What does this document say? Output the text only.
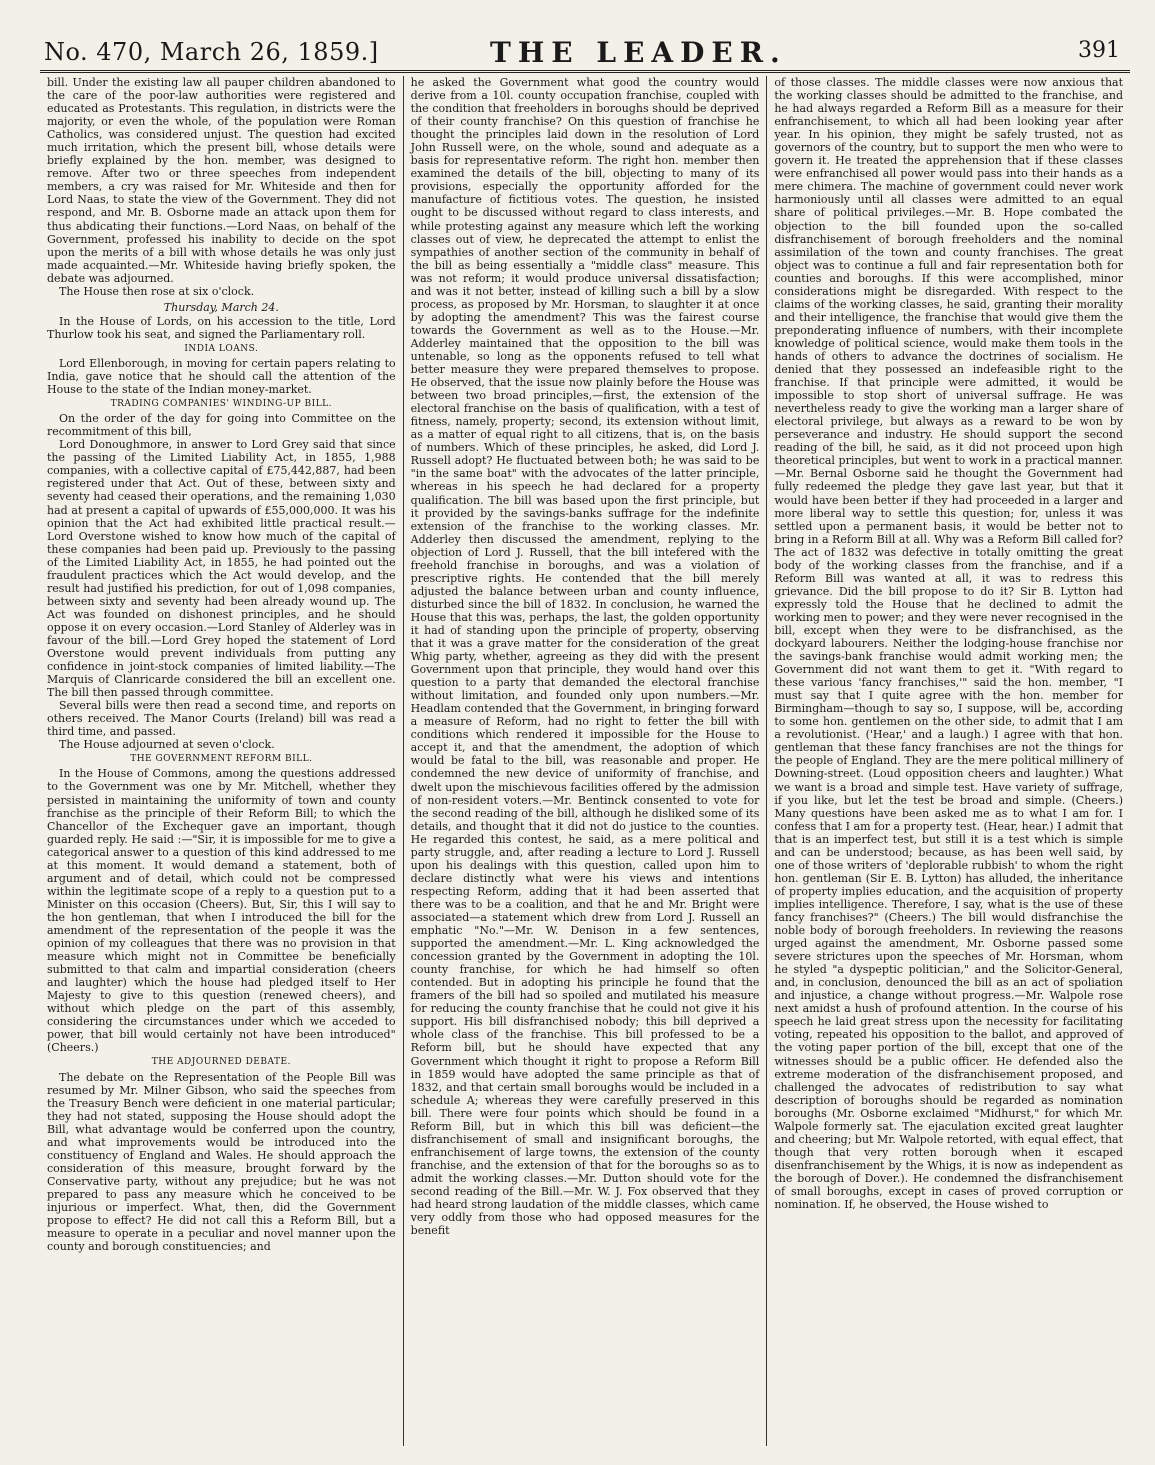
No. 470, March 26, 1859.]	THE LEADER.	391

bill. Under the existing law all pauper children abandoned to the care of the poor-law authorities were registered and educated as Protestants. This regulation, in districts were the majority, or even the whole, of the population were Roman Catholics, was considered unjust. The question had excited much irritation, which the present bill, whose details were briefly explained by the hon. member, was designed to remove. After two or three speeches from independent members, a cry was raised for Mr. Whiteside and then for Lord Naas, to state the view of the Government. They did not respond, and Mr. B. Osborne made an attack upon them for thus abdicating their functions.—Lord Naas, on behalf of the Government, professed his inability to decide on the spot upon the merits of a bill with whose details he was only just made acquainted.—Mr. Whiteside having briefly spoken, the debate was adjourned.

The House then rose at six o'clock.

Thursday, March 24.

In the House of Lords, on his accession to the title, Lord Thurlow took his seat, and signed the Parliamentary roll.

INDIA LOANS.

Lord Ellenborough, in moving for certain papers relating to India, gave notice that he should call the attention of the House to the state of the Indian money-market.

TRADING COMPANIES' WINDING-UP BILL.

On the order of the day for going into Committee on the recommitment of this bill,

Lord Donoughmore, in answer to Lord Grey said that since the passing of the Limited Liability Act, in 1855, 1,988 companies, with a collective capital of £75,442,887, had been registered under that Act. Out of these, between sixty and seventy had ceased their operations, and the remaining 1,030 had at present a capital of upwards of £55,000,000. It was his opinion that the Act had exhibited little practical result.—Lord Overstone wished to know how much of the capital of these companies had been paid up. Previously to the passing of the Limited Liability Act, in 1855, he had pointed out the fraudulent practices which the Act would develop, and the result had justified his prediction, for out of 1,098 companies, between sixty and seventy had been already wound up. The Act was founded on dishonest principles, and he should oppose it on every occasion.—Lord Stanley of Alderley was in favour of the bill.—Lord Grey hoped the statement of Lord Overstone would prevent individuals from putting any confidence in joint-stock companies of limited liability.—The Marquis of Clanricarde considered the bill an excellent one. The bill then passed through committee.

Several bills were then read a second time, and reports on others received. The Manor Courts (Ireland) bill was read a third time, and passed.

The House adjourned at seven o'clock.

THE GOVERNMENT REFORM BILL.

In the House of Commons, among the questions addressed to the Government was one by Mr. Mitchell, whether they persisted in maintaining the uniformity of town and county franchise as the principle of their Reform Bill; to which the Chancellor of the Exchequer gave an important, though guarded reply. He said :—"Sir, it is impossible for me to give a categorical answer to a question of this kind addressed to me at this moment. It would demand a statement, both of argument and of detail, which could not be compressed within the legitimate scope of a reply to a question put to a Minister on this occasion (Cheers). But, Sir, this I will say to the hon gentleman, that when I introduced the bill for the amendment of the representation of the people it was the opinion of my colleagues that there was no provision in that measure which might not in Committee be beneficially submitted to that calm and impartial consideration (cheers and laughter) which the house had pledged itself to Her Majesty to give to this question (renewed cheers), and without which pledge on the part of this assembly, considering the circumstances under which we acceded to power, that bill would certainly not have been introduced" (Cheers.)

THE ADJOURNED DEBATE.

The debate on the Representation of the People Bill was resumed by Mr. Milner Gibson, who said the speeches from the Treasury Bench were deficient in one material particular; they had not stated, supposing the House should adopt the Bill, what advantage would be conferred upon the country, and what improvements would be introduced into the constituency of England and Wales. He should approach the consideration of this measure, brought forward by the Conservative party, without any prejudice; but he was not prepared to pass any measure which he conceived to be injurious or imperfect. What, then, did the Government propose to effect? He did not call this a Reform Bill, but a measure to operate in a peculiar and novel manner upon the county and borough constituencies; and

he asked the Government what good the country would derive from a 10l. county occupation franchise, coupled with the condition that freeholders in boroughs should be deprived of their county franchise? On this question of franchise he thought the principles laid down in the resolution of Lord John Russell were, on the whole, sound and adequate as a basis for representative reform. The right hon. member then examined the details of the bill, objecting to many of its provisions, especially the opportunity afforded for the manufacture of fictitious votes. The question, he insisted ought to be discussed without regard to class interests, and while protesting against any measure which left the working classes out of view, he deprecated the attempt to enlist the sympathies of another section of the community in behalf of the bill as being essentially a "middle class" measure. This was not reform; it would produce universal dissatisfaction; and was it not better, instead of killing such a bill by a slow process, as proposed by Mr. Horsman, to slaughter it at once by adopting the amendment? This was the fairest course towards the Government as well as to the House.—Mr. Adderley maintained that the opposition to the bill was untenable, so long as the opponents refused to tell what better measure they were prepared themselves to propose. He observed, that the issue now plainly before the House was between two broad principles,—first, the extension of the electoral franchise on the basis of qualification, with a test of fitness, namely, property; second, its extension without limit, as a matter of equal right to all citizens, that is, on the basis of numbers. Which of these principles, he asked, did Lord J. Russell adopt? He fluctuated between both; he was said to be "in the same boat" with the advocates of the latter principle, whereas in his speech he had declared for a property qualification. The bill was based upon the first principle, but it provided by the savings-banks suffrage for the indefinite extension of the franchise to the working classes. Mr. Adderley then discussed the amendment, replying to the objection of Lord J. Russell, that the bill intefered with the freehold franchise in boroughs, and was a violation of prescriptive rights. He contended that the bill merely adjusted the balance between urban and county influence, disturbed since the bill of 1832. In conclusion, he warned the House that this was, perhaps, the last, the golden opportunity it had of standing upon the principle of property, observing that it was a grave matter for the consideration of the great Whig party, whether, agreeing as they did with the present Government upon that principle, they would hand over this question to a party that demanded the electoral franchise without limitation, and founded only upon numbers.—Mr. Headlam contended that the Government, in bringing forward a measure of Reform, had no right to fetter the bill with conditions which rendered it impossible for the House to accept it, and that the amendment, the adoption of which would be fatal to the bill, was reasonable and proper. He condemned the new device of uniformity of franchise, and dwelt upon the mischievous facilities offered by the admission of non-resident voters.—Mr. Bentinck consented to vote for the second reading of the bill, although he disliked some of its details, and thought that it did not do justice to the counties. He regarded this contest, he said, as a mere political and party struggle, and, after reading a lecture to Lord J. Russell upon his dealings with this question, called upon him to declare distinctly what were his views and intentions respecting Reform, adding that it had been asserted that there was to be a coalition, and that he and Mr. Bright were associated—a statement which drew from Lord J. Russell an emphatic "No."—Mr. W. Denison in a few sentences, supported the amendment.—Mr. L. King acknowledged the concession granted by the Government in adopting the 10l. county franchise, for which he had himself so often contended. But in adopting his principle he found that the framers of the bill had so spoiled and mutilated his measure for reducing the county franchise that he could not give it his support. His bill disfranchised nobody; this bill deprived a whole class of the franchise. This bill professed to be a Reform bill, but he should have expected that any Government which thought it right to propose a Reform Bill in 1859 would have adopted the same principle as that of 1832, and that certain small boroughs would be included in a schedule A; whereas they were carefully preserved in this bill. There were four points which should be found in a Reform Bill, but in which this bill was deficient—the disfranchisement of small and insignificant boroughs, the enfranchisement of large towns, the extension of the county franchise, and the extension of that for the boroughs so as to admit the working classes.—Mr. Dutton should vote for the second reading of the Bill.—Mr. W. J. Fox observed that they had heard strong laudation of the middle classes, which came very oddly from those who had opposed measures for the benefit

of those classes. The middle classes were now anxious that the working classes should be admitted to the franchise, and he had always regarded a Reform Bill as a measure for their enfranchisement, to which all had been looking year after year. In his opinion, they might be safely trusted, not as governors of the country, but to support the men who were to govern it. He treated the apprehension that if these classes were enfranchised all power would pass into their hands as a mere chimera. The machine of government could never work harmoniously until all classes were admitted to an equal share of political privileges.—Mr. B. Hope combated the objection to the bill founded upon the so-called disfranchisement of borough freeholders and the nominal assimilation of the town and county franchises. The great object was to continue a full and fair representation both for counties and boroughs. If this were accomplished, minor considerations might be disregarded. With respect to the claims of the working classes, he said, granting their morality and their intelligence, the franchise that would give them the preponderating influence of numbers, with their incomplete knowledge of political science, would make them tools in the hands of others to advance the doctrines of socialism. He denied that they possessed an indefeasible right to the franchise. If that principle were admitted, it would be impossible to stop short of universal suffrage. He was nevertheless ready to give the working man a larger share of electoral privilege, but always as a reward to be won by perseverance and industry. He should support the second reading of the bill, he said, as it did not proceed upon high theoretical principles, but went to work in a practical manner.—Mr. Bernal Osborne said he thought the Government had fully redeemed the pledge they gave last year, but that it would have been better if they had proceeded in a larger and more liberal way to settle this question; for, unless it was settled upon a permanent basis, it would be better not to bring in a Reform Bill at all. Why was a Reform Bill called for? The act of 1832 was defective in totally omitting the great body of the working classes from the franchise, and if a Reform Bill was wanted at all, it was to redress this grievance. Did the bill propose to do it? Sir B. Lytton had expressly told the House that he declined to admit the working men to power; and they were never recognised in the bill, except when they were to be disfranchised, as the dockyard labourers. Neither the lodging-house franchise nor the savings-bank franchise would admit working men; the Government did not want them to get it. "With regard to these various 'fancy franchises,'" said the hon. member, "I must say that I quite agree with the hon. member for Birmingham—though to say so, I suppose, will be, according to some hon. gentlemen on the other side, to admit that I am a revolutionist. ('Hear,' and a laugh.) I agree with that hon. gentleman that these fancy franchises are not the things for the people of England. They are the mere political millinery of Downing-street. (Loud opposition cheers and laughter.) What we want is a broad and simple test. Have variety of suffrage, if you like, but let the test be broad and simple. (Cheers.) Many questions have been asked me as to what I am for. I confess that I am for a property test. (Hear, hear.) I admit that that is an imperfect test, but still it is a test which is simple and can be understood; because, as has been well said, by one of those writers of 'deplorable rubbish' to whom the right hon. gentleman (Sir E. B. Lytton) has alluded, the inheritance of property implies education, and the acquisition of property implies intelligence. Therefore, I say, what is the use of these fancy franchises?" (Cheers.) The bill would disfranchise the noble body of borough freeholders. In reviewing the reasons urged against the amendment, Mr. Osborne passed some severe strictures upon the speeches of Mr. Horsman, whom he styled "a dyspeptic politician," and the Solicitor-General, and, in conclusion, denounced the bill as an act of spoliation and injustice, a change without progress.—Mr. Walpole rose next amidst a hush of profound attention. In the course of his speech he laid great stress upon the necessity for facilitating voting, repeated his opposition to the ballot, and approved of the voting paper portion of the bill, except that one of the witnesses should be a public officer. He defended also the extreme moderation of the disfranchisement proposed, and challenged the advocates of redistribution to say what description of boroughs should be regarded as nomination boroughs (Mr. Osborne exclaimed "Midhurst," for which Mr. Walpole formerly sat. The ejaculation excited great laughter and cheering; but Mr. Walpole retorted, with equal effect, that though that very rotten borough when it escaped disenfranchisement by the Whigs, it is now as independent as the borough of Dover.). He condemned the disfranchisement of small boroughs, except in cases of proved corruption or nomination. If, he observed, the House wished to
